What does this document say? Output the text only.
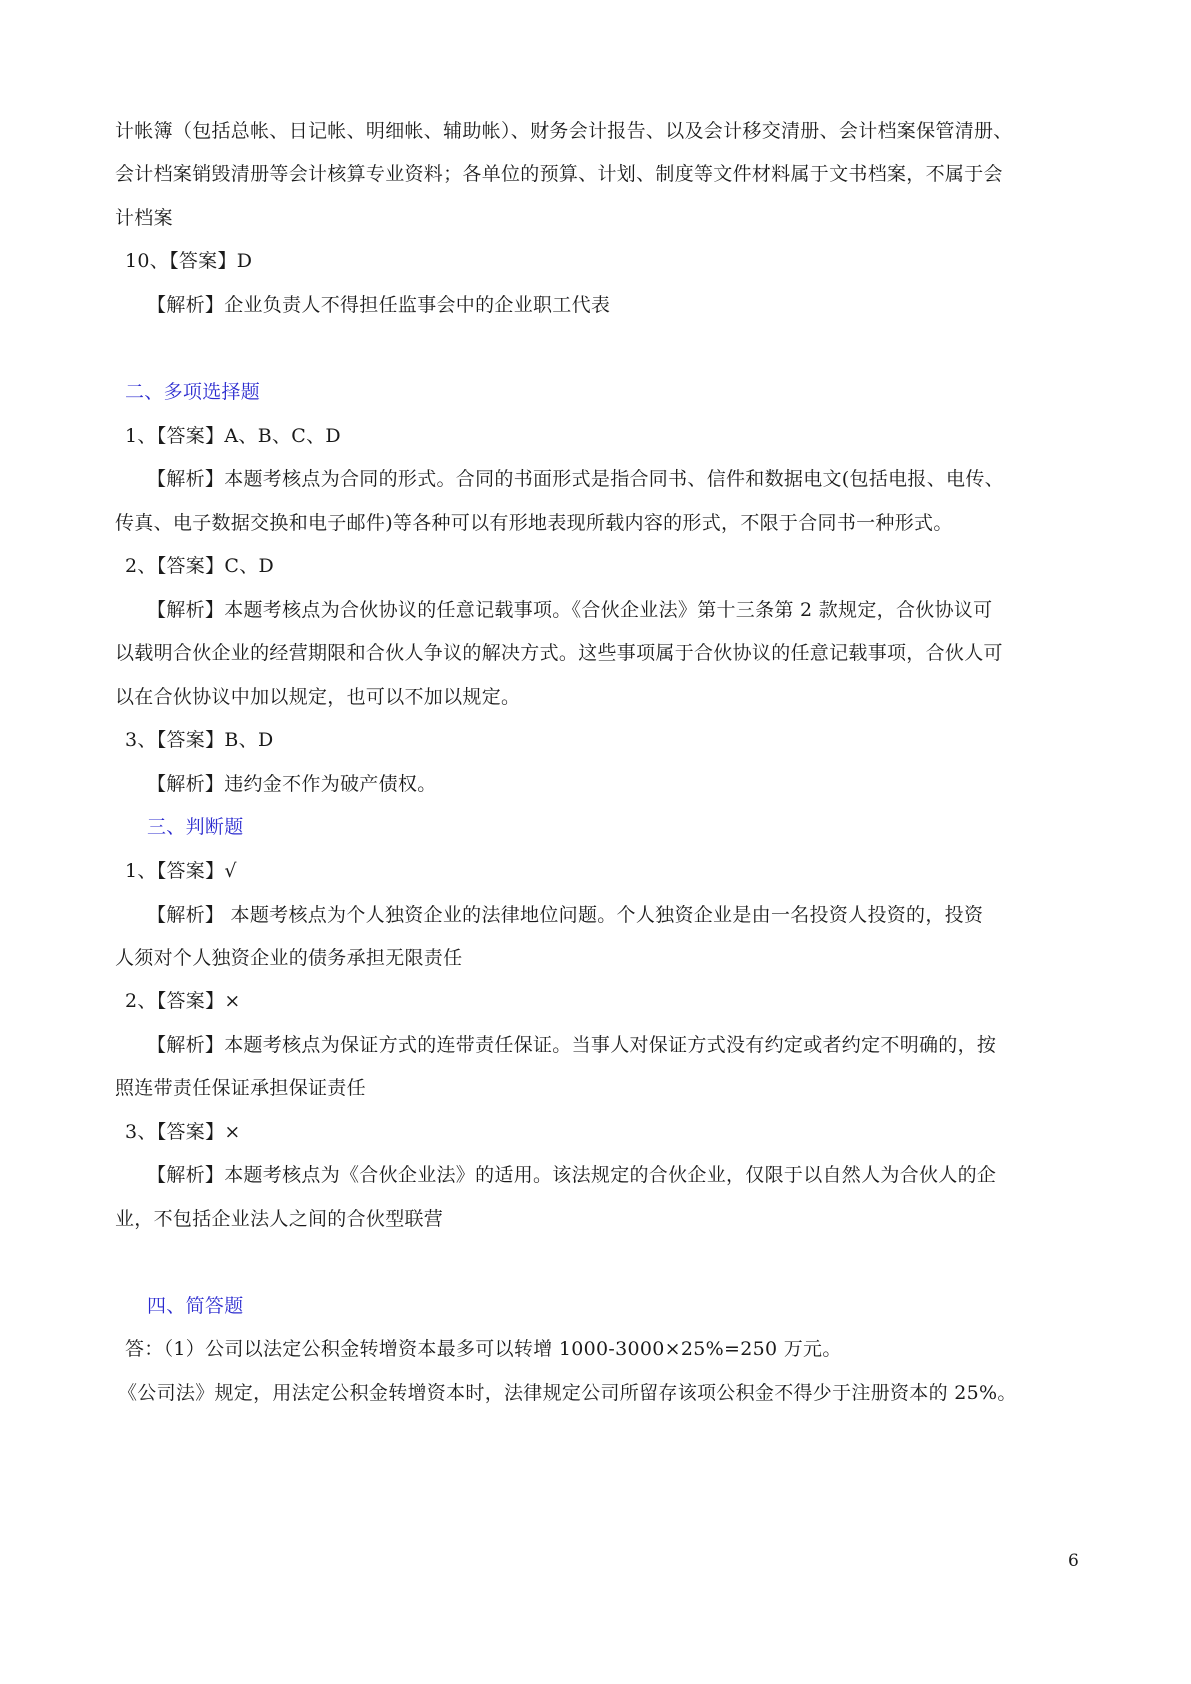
计帐簿（包括总帐、日记帐、明细帐、辅助帐）、财务会计报告、以及会计移交清册、会计档案保管清册、
会计档案销毁清册等会计核算专业资料；各单位的预算、计划、制度等文件材料属于文书档案，不属于会
计档案
10、【答案】D
【解析】企业负责人不得担任监事会中的企业职工代表
二、多项选择题
1、【答案】A、B、C、D
【解析】本题考核点为合同的形式。合同的书面形式是指合同书、信件和数据电文(包括电报、电传、
传真、电子数据交换和电子邮件)等各种可以有形地表现所载内容的形式，不限于合同书一种形式。
2、【答案】C、D
【解析】本题考核点为合伙协议的任意记载事项。《合伙企业法》第十三条第 2 款规定，合伙协议可
以载明合伙企业的经营期限和合伙人争议的解决方式。这些事项属于合伙协议的任意记载事项，合伙人可
以在合伙协议中加以规定，也可以不加以规定。
3、【答案】B、D
【解析】违约金不作为破产债权。
三、判断题
1、【答案】√
【解析】 本题考核点为个人独资企业的法律地位问题。个人独资企业是由一名投资人投资的，投资
人须对个人独资企业的债务承担无限责任
2、【答案】×
【解析】本题考核点为保证方式的连带责任保证。当事人对保证方式没有约定或者约定不明确的，按
照连带责任保证承担保证责任
3、【答案】×
【解析】本题考核点为《合伙企业法》的适用。该法规定的合伙企业，仅限于以自然人为合伙人的企
业，不包括企业法人之间的合伙型联营
四、简答题
答：（1）公司以法定公积金转增资本最多可以转增 1000-3000×25%=250 万元。
《公司法》规定，用法定公积金转增资本时，法律规定公司所留存该项公积金不得少于注册资本的 25%。
6
